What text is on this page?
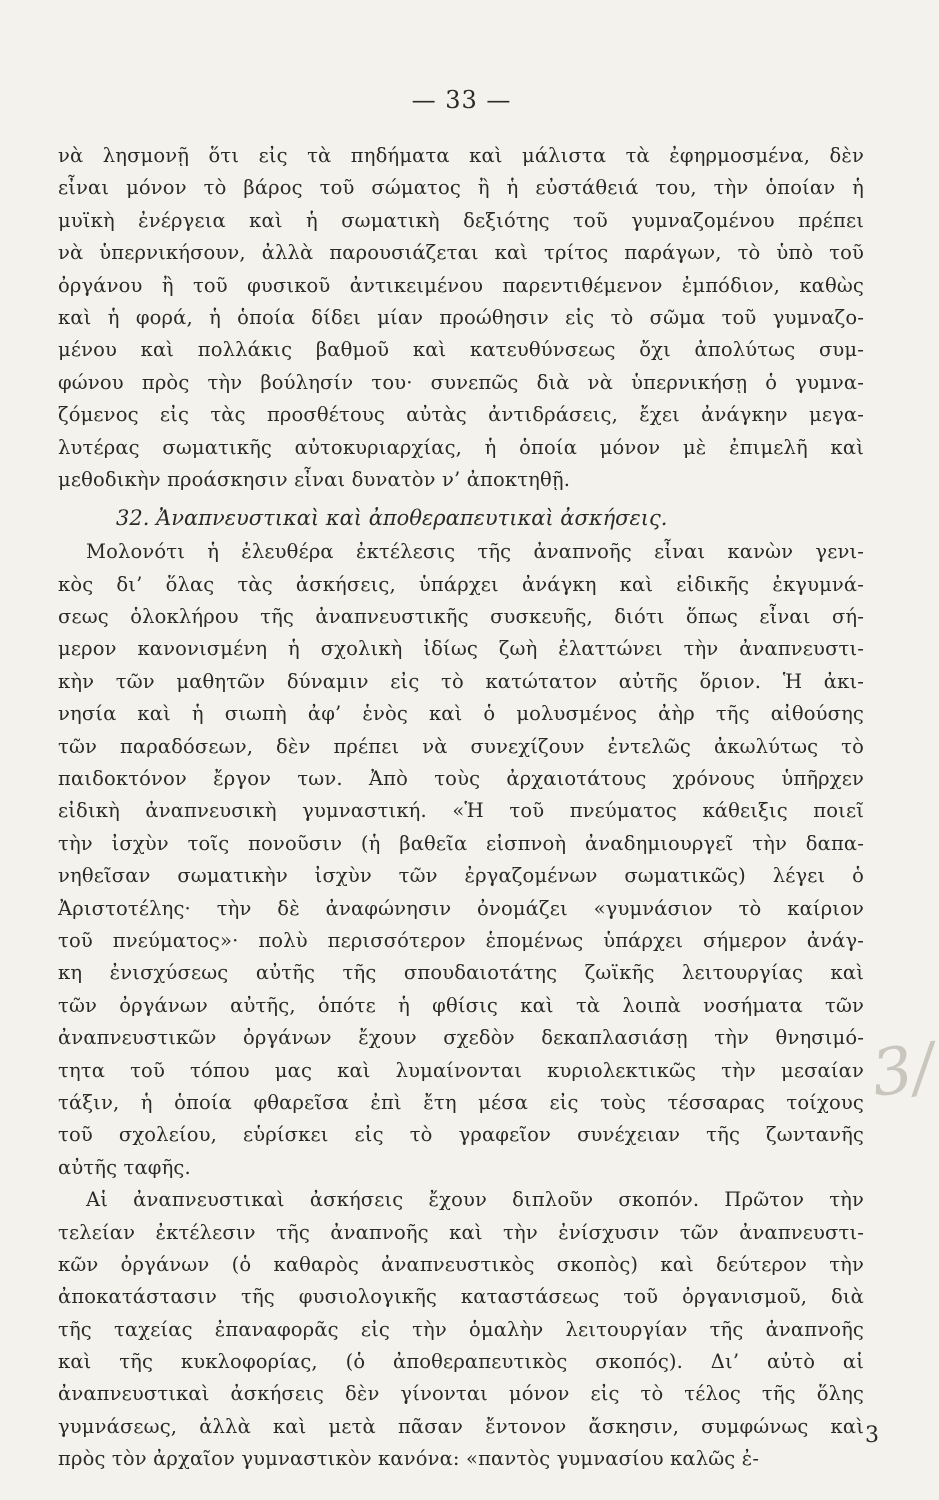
— 33 —
νὰ λησμονῇ ὅτι εἰς τὰ πηδήματα καὶ μάλιστα τὰ ἐφηρμοσμένα, δὲν
εἶναι μόνον τὸ βάρος τοῦ σώματος ἢ ἡ εὐστάθειά του, τὴν ὁποίαν ἡ
μυϊκὴ ἐνέργεια καὶ ἡ σωματικὴ δεξιότης τοῦ γυμναζομένου πρέπει
νὰ ὑπερνικήσουν, ἀλλὰ παρουσιάζεται καὶ τρίτος παράγων, τὸ ὑπὸ τοῦ
ὀργάνου ἢ τοῦ φυσικοῦ ἀντικειμένου παρεντιθέμενον ἐμπόδιον, καθὼς
καὶ ἡ φορά, ἡ ὁποία δίδει μίαν προώθησιν εἰς τὸ σῶμα τοῦ γυμναζο-
μένου καὶ πολλάκις βαθμοῦ καὶ κατευθύνσεως ὄχι ἀπολύτως συμ-
φώνου πρὸς τὴν βούλησίν του· συνεπῶς διὰ νὰ ὑπερνικήσῃ ὁ γυμνα-
ζόμενος εἰς τὰς προσθέτους αὐτὰς ἀντιδράσεις, ἔχει ἀνάγκην μεγα-
λυτέρας σωματικῆς αὐτοκυριαρχίας, ἡ ὁποία μόνον μὲ ἐπιμελῆ καὶ
μεθοδικὴν προάσκησιν εἶναι δυνατὸν ν’ ἀποκτηθῇ.
32. Ἀναπνευστικαὶ καὶ ἀποθεραπευτικαὶ ἀσκήσεις.
Μολονότι ἡ ἐλευθέρα ἐκτέλεσις τῆς ἀναπνοῆς εἶναι κανὼν γενι-
κὸς δι’ ὅλας τὰς ἀσκήσεις, ὑπάρχει ἀνάγκη καὶ εἰδικῆς ἐκγυμνά-
σεως ὁλοκλήρου τῆς ἀναπνευστικῆς συσκευῆς, διότι ὅπως εἶναι σή-
μερον κανονισμένη ἡ σχολικὴ ἰδίως ζωὴ ἐλαττώνει τὴν ἀναπνευστι-
κὴν τῶν μαθητῶν δύναμιν εἰς τὸ κατώτατον αὐτῆς ὅριον. Ἡ ἀκι-
νησία καὶ ἡ σιωπὴ ἀφ’ ἑνὸς καὶ ὁ μολυσμένος ἀὴρ τῆς αἰθούσης
τῶν παραδόσεων, δὲν πρέπει νὰ συνεχίζουν ἐντελῶς ἀκωλύτως τὸ
παιδοκτόνον ἔργον των. Ἀπὸ τοὺς ἀρχαιοτάτους χρόνους ὑπῆρχεν
εἰδικὴ ἀναπνευσικὴ γυμναστική. «Ἡ τοῦ πνεύματος κάθειξις ποιεῖ
τὴν ἰσχὺν τοῖς πονοῦσιν (ἡ βαθεῖα εἰσπνοὴ ἀναδημιουργεῖ τὴν δαπα-
νηθεῖσαν σωματικὴν ἰσχὺν τῶν ἐργαζομένων σωματικῶς) λέγει ὁ
Ἀριστοτέλης· τὴν δὲ ἀναφώνησιν ὀνομάζει «γυμνάσιον τὸ καίριον
τοῦ πνεύματος»· πολὺ περισσότερον ἑπομένως ὑπάρχει σήμερον ἀνάγ-
κη ἐνισχύσεως αὐτῆς τῆς σπουδαιοτάτης ζωϊκῆς λειτουργίας καὶ
τῶν ὀργάνων αὐτῆς, ὁπότε ἡ φθίσις καὶ τὰ λοιπὰ νοσήματα τῶν
ἀναπνευστικῶν ὀργάνων ἔχουν σχεδὸν δεκαπλασιάσῃ τὴν θνησιμό-
τητα τοῦ τόπου μας καὶ λυμαίνονται κυριολεκτικῶς τὴν μεσαίαν
τάξιν, ἡ ὁποία φθαρεῖσα ἐπὶ ἔτη μέσα εἰς τοὺς τέσσαρας τοίχους
τοῦ σχολείου, εὑρίσκει εἰς τὸ γραφεῖον συνέχειαν τῆς ζωντανῆς
αὐτῆς ταφῆς.
Αἱ ἀναπνευστικαὶ ἀσκήσεις ἔχουν διπλοῦν σκοπόν. Πρῶτον τὴν
τελείαν ἐκτέλεσιν τῆς ἀναπνοῆς καὶ τὴν ἐνίσχυσιν τῶν ἀναπνευστι-
κῶν ὀργάνων (ὁ καθαρὸς ἀναπνευστικὸς σκοπὸς) καὶ δεύτερον τὴν
ἀποκατάστασιν τῆς φυσιολογικῆς καταστάσεως τοῦ ὀργανισμοῦ, διὰ
τῆς ταχείας ἐπαναφορᾶς εἰς τὴν ὁμαλὴν λειτουργίαν τῆς ἀναπνοῆς
καὶ τῆς κυκλοφορίας, (ὁ ἀποθεραπευτικὸς σκοπός). Δι’ αὐτὸ αἱ
ἀναπνευστικαὶ ἀσκήσεις δὲν γίνονται μόνον εἰς τὸ τέλος τῆς ὅλης
γυμνάσεως, ἀλλὰ καὶ μετὰ πᾶσαν ἔντονον ἄσκησιν, συμφώνως καὶ
πρὸς τὸν ἀρχαῖον γυμναστικὸν κανόνα: «παντὸς γυμνασίου καλῶς ἐ-
3/
3
